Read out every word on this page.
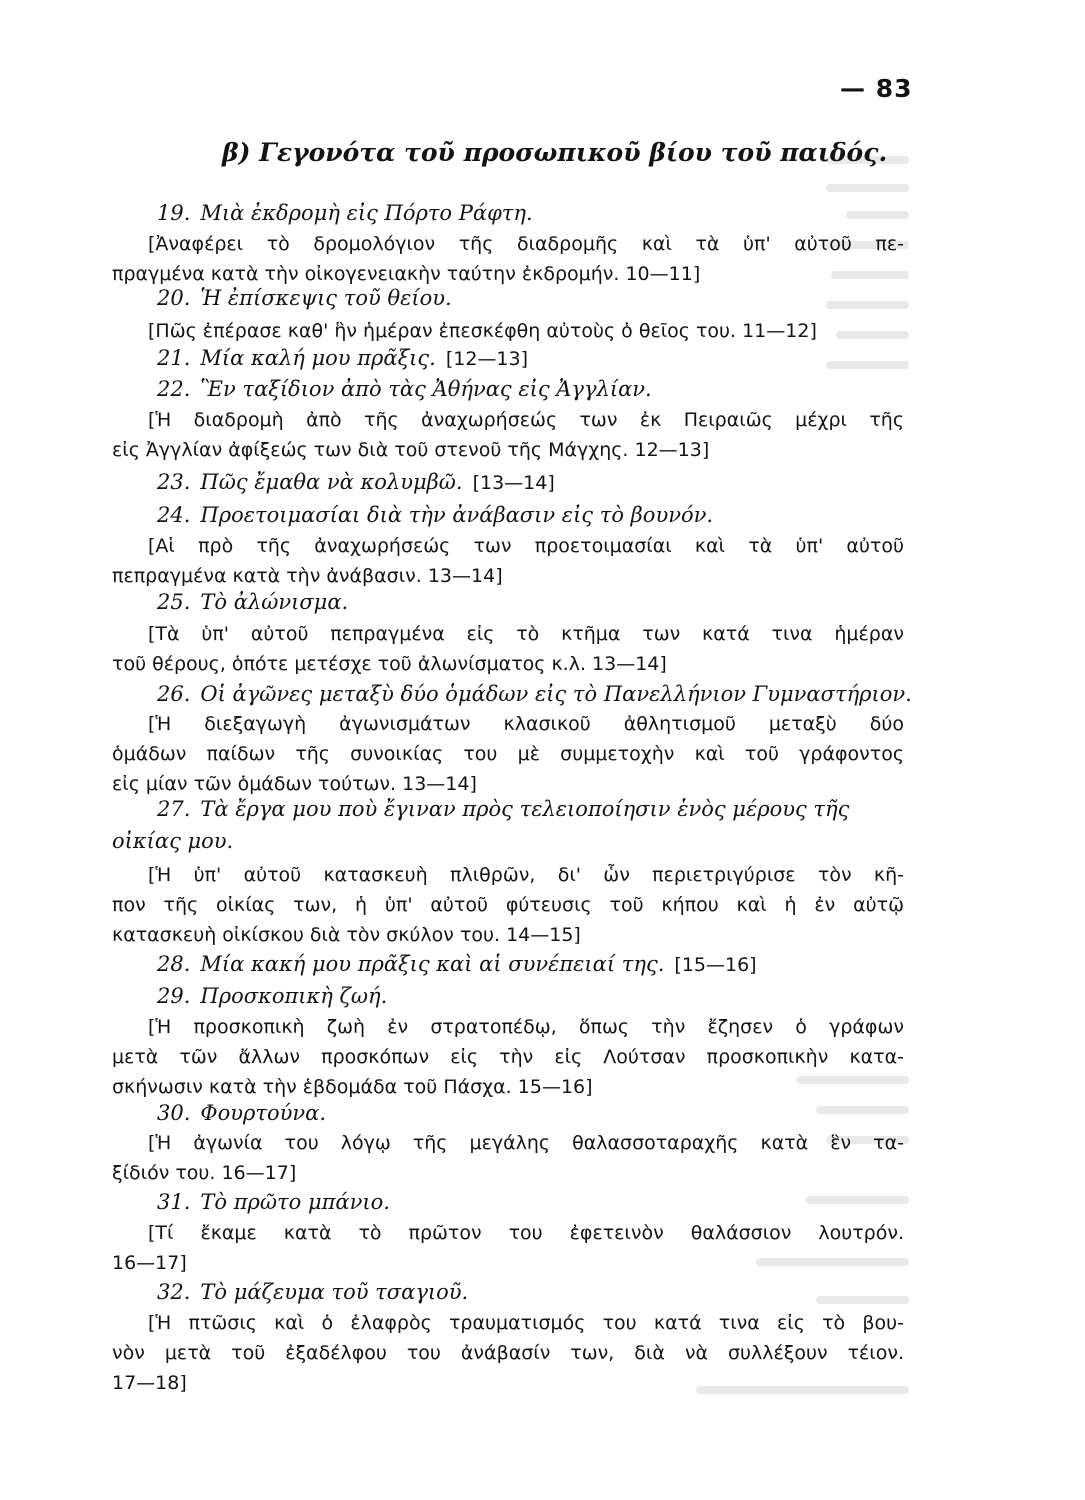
— 83
β) Γεγονότα τοῦ προσωπικοῦ βίου τοῦ παιδός.
19. Μιὰ ἐκδρομὴ εἰς Πόρτο Ράφτη.
[Ἀναφέρει τὸ δρομολόγιον τῆς διαδρομῆς καὶ τὰ ὑπ' αὐτοῦ πε-
πραγμένα κατὰ τὴν οἰκογενειακὴν ταύτην ἐκδρομήν. 10—11]
20. Ἡ ἐπίσκεψις τοῦ θείου.
[Πῶς ἐπέρασε καθ' ἣν ἡμέραν ἐπεσκέφθη αὐτοὺς ὁ θεῖος του. 11—12]
21. Μία καλή μου πρᾶξις. [12—13]
22. Ἓν ταξίδιον ἀπὸ τὰς Ἀθήνας εἰς Ἀγγλίαν.
[Ἡ διαδρομὴ ἀπὸ τῆς ἀναχωρήσεώς των ἐκ Πειραιῶς μέχρι τῆς
εἰς Ἀγγλίαν ἀφίξεώς των διὰ τοῦ στενοῦ τῆς Μάγχης. 12—13]
23. Πῶς ἔμαθα νὰ κολυμβῶ. [13—14]
24. Προετοιμασίαι διὰ τὴν ἀνάβασιν εἰς τὸ βουνόν.
[Αἱ πρὸ τῆς ἀναχωρήσεώς των προετοιμασίαι καὶ τὰ ὑπ' αὐτοῦ
πεπραγμένα κατὰ τὴν ἀνάβασιν. 13—14]
25. Τὸ ἀλώνισμα.
[Τὰ ὑπ' αὐτοῦ πεπραγμένα εἰς τὸ κτῆμα των κατά τινα ἡμέραν
τοῦ θέρους, ὁπότε μετέσχε τοῦ ἀλωνίσματος κ.λ. 13—14]
26. Οἱ ἀγῶνες μεταξὺ δύο ὁμάδων εἰς τὸ Πανελλήνιον Γυμναστήριον.
[Ἡ διεξαγωγὴ ἀγωνισμάτων κλασικοῦ ἀθλητισμοῦ μεταξὺ δύο
ὁμάδων παίδων τῆς συνοικίας του μὲ συμμετοχὴν καὶ τοῦ γράφοντος
εἰς μίαν τῶν ὁμάδων τούτων. 13—14]
27. Τὰ ἔργα μου ποὺ ἔγιναν πρὸς τελειοποίησιν ἑνὸς μέρους τῆς
οἰκίας μου.
[Ἡ ὑπ' αὐτοῦ κατασκευὴ πλιθρῶν, δι' ὧν περιετριγύρισε τὸν κῆ-
πον τῆς οἰκίας των, ἡ ὑπ' αὐτοῦ φύτευσις τοῦ κήπου καὶ ἡ ἐν αὐτῷ
κατασκευὴ οἰκίσκου διὰ τὸν σκύλον του. 14—15]
28. Μία κακή μου πρᾶξις καὶ αἱ συνέπειαί της. [15—16]
29. Προσκοπικὴ ζωή.
[Ἡ προσκοπικὴ ζωὴ ἐν στρατοπέδῳ, ὅπως τὴν ἔζησεν ὁ γράφων
μετὰ τῶν ἄλλων προσκόπων εἰς τὴν εἰς Λούτσαν προσκοπικὴν κατα-
σκήνωσιν κατὰ τὴν ἑβδομάδα τοῦ Πάσχα. 15—16]
30. Φουρτούνα.
[Ἡ ἀγωνία του λόγῳ τῆς μεγάλης θαλασσοταραχῆς κατὰ ἓν τα-
ξίδιόν του. 16—17]
31. Τὸ πρῶτο μπάνιο.
[Τί ἔκαμε κατὰ τὸ πρῶτον του ἐφετεινὸν θαλάσσιον λουτρόν.
16—17]
32. Τὸ μάζευμα τοῦ τσαγιοῦ.
[Ἡ πτῶσις καὶ ὁ ἐλαφρὸς τραυματισμός του κατά τινα εἰς τὸ βου-
νὸν μετὰ τοῦ ἐξαδέλφου του ἀνάβασίν των, διὰ νὰ συλλέξουν τέιον.
17—18]
